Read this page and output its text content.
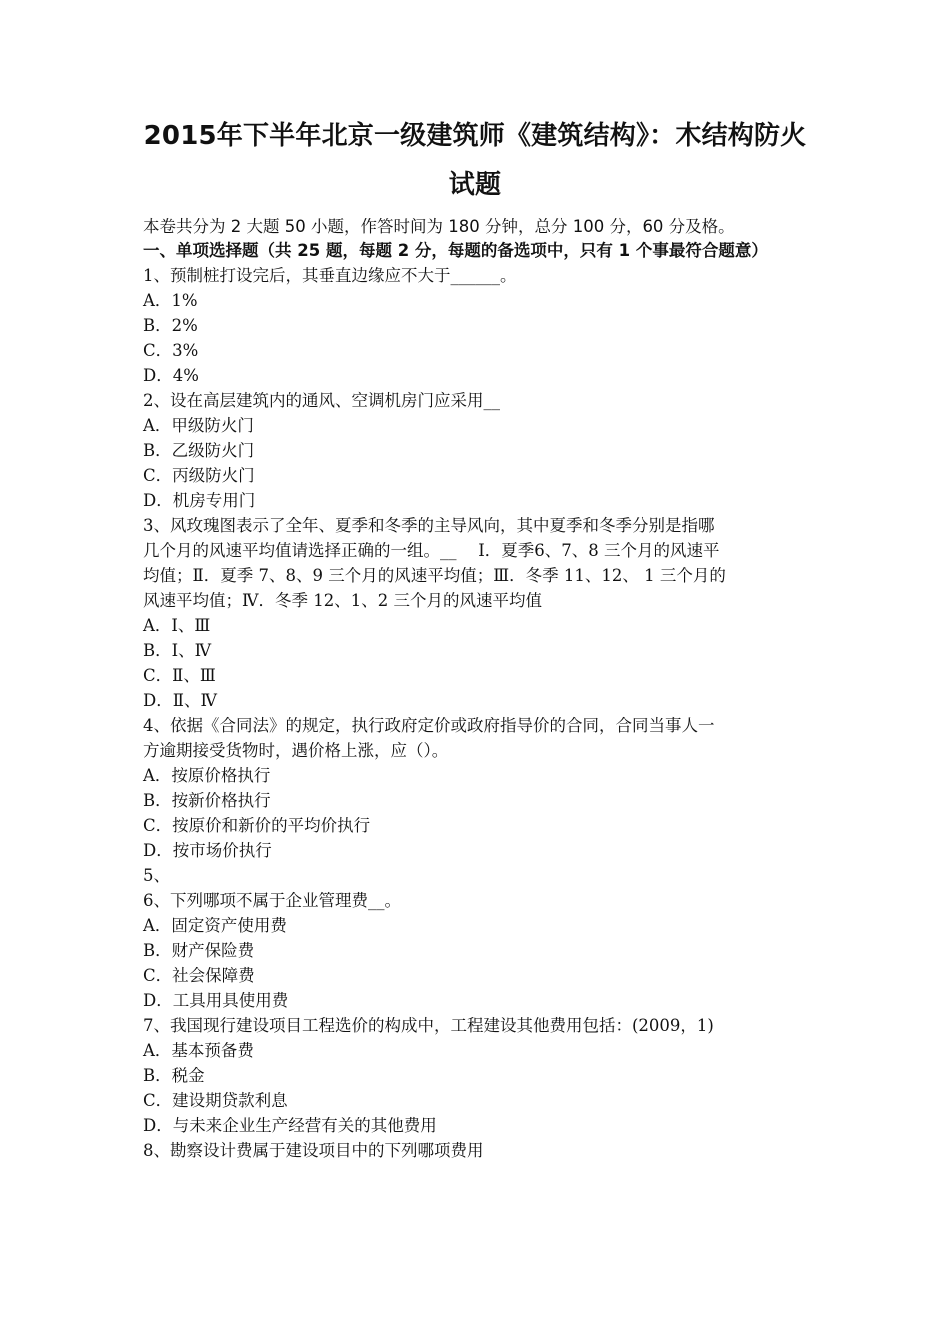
2015年下半年北京一级建筑师《建筑结构》：木结构防火试题

本卷共分为 2 大题 50 小题，作答时间为 180 分钟，总分 100 分，60 分及格。

一、单项选择题（共 25 题，每题 2 分，每题的备选项中，只有 1 个事最符合题意）

1、预制桩打设完后，其垂直边缘应不大于______。

A．1%

B．2%

C．3%

D．4%

2、设在高层建筑内的通风、空调机房门应采用__

A．甲级防火门

B．乙级防火门

C．丙级防火门

D．机房专用门

3、风玫瑰图表示了全年、夏季和冬季的主导风向，其中夏季和冬季分别是指哪

几个月的风速平均值请选择正确的一组。__　 Ⅰ．夏季6、7、8 三个月的风速平

均值；Ⅱ．夏季 7、8、9 三个月的风速平均值；Ⅲ．冬季 11、12、 1 三个月的

风速平均值；Ⅳ．冬季 12、1、2 三个月的风速平均值

A．Ⅰ、Ⅲ

B．Ⅰ、Ⅳ

C．Ⅱ、Ⅲ

D．Ⅱ、Ⅳ

4、依据《合同法》的规定，执行政府定价或政府指导价的合同，合同当事人一

方逾期接受货物时，遇价格上涨，应（）。

A．按原价格执行

B．按新价格执行

C．按原价和新价的平均价执行

D．按市场价执行

5、

6、下列哪项不属于企业管理费__。

A．固定资产使用费

B．财产保险费

C．社会保障费

D．工具用具使用费

7、我国现行建设项目工程选价的构成中，工程建设其他费用包括：(2009，1)

A．基本预备费

B．税金

C．建设期贷款利息

D．与未来企业生产经营有关的其他费用

8、勘察设计费属于建设项目中的下列哪项费用
